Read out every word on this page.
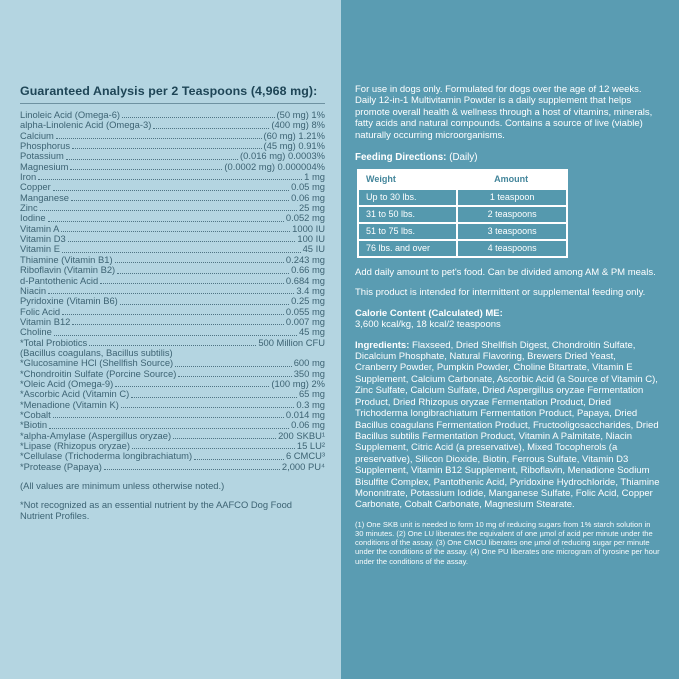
Guaranteed Analysis per 2 Teaspoons (4,968 mg):
Linoleic Acid (Omega-6)	(50 mg) 1%
alpha-Linolenic Acid (Omega-3)	(400 mg) 8%
Calcium	(60 mg) 1.21%
Phosphorus	(45 mg) 0.91%
Potassium	(0.016 mg) 0.0003%
Magnesium	(0.0002 mg) 0.000004%
Iron	1 mg
Copper	0.05 mg
Manganese	0.06 mg
Zinc	25 mg
Iodine	0.052 mg
Vitamin A	1000 IU
Vitamin D3	100 IU
Vitamin E	45 IU
Thiamine (Vitamin B1)	0.243 mg
Riboflavin (Vitamin B2)	0.66 mg
d-Pantothenic Acid	0.684 mg
Niacin	3.4 mg
Pyridoxine (Vitamin B6)	0.25 mg
Folic Acid	0.055 mg
Vitamin B12	0.007 mg
Choline	45 mg
*Total Probiotics	500 Million CFU
(Bacillus coagulans, Bacillus subtilis)
*Glucosamine HCl (Shellfish Source)	600 mg
*Chondroitin Sulfate (Porcine Source)	350 mg
*Oleic Acid (Omega-9)	(100 mg) 2%
*Ascorbic Acid (Vitamin C)	65 mg
*Menadione (Vitamin K)	0.3 mg
*Cobalt	0.014 mg
*Biotin	0.06 mg
*alpha-Amylase (Aspergillus oryzae)	200 SKBU¹
*Lipase (Rhizopus oryzae)	15 LU²
*Cellulase (Trichoderma longibrachiatum)	6 CMCU³
*Protease (Papaya)	2,000 PU⁴

(All values are minimum unless otherwise noted.)

*Not recognized as an essential nutrient by the AAFCO Dog Food Nutrient Profiles.

For use in dogs only. Formulated for dogs over the age of 12 weeks. Daily 12-in-1 Multivitamin Powder is a daily supplement that helps promote overall health & wellness through a host of vitamins, minerals, fatty acids and natural compounds. Contains a source of live (viable) naturally occurring microorganisms.

Feeding Directions: (Daily)

Weight	Amount
Up to 30 lbs.	1 teaspoon
31 to 50 lbs.	2 teaspoons
51 to 75 lbs.	3 teaspoons
76 lbs. and over	4 teaspoons

Add daily amount to pet's food. Can be divided among AM & PM meals.

This product is intended for intermittent or supplemental feeding only.

Calorie Content (Calculated) ME:

3,600 kcal/kg, 18 kcal/2 teaspoons

Ingredients: Flaxseed, Dried Shellfish Digest, Chondroitin Sulfate, Dicalcium Phosphate, Natural Flavoring, Brewers Dried Yeast, Cranberry Powder, Pumpkin Powder, Choline Bitartrate, Vitamin E Supplement, Calcium Carbonate, Ascorbic Acid (a Source of Vitamin C), Zinc Sulfate, Calcium Sulfate, Dried Aspergillus oryzae Fermentation Product, Dried Rhizopus oryzae Fermentation Product, Dried Trichoderma longibrachiatum Fermentation Product, Papaya, Dried Bacillus coagulans Fermentation Product, Fructooligosaccharides, Dried Bacillus subtilis Fermentation Product, Vitamin A Palmitate, Niacin Supplement, Citric Acid (a preservative), Mixed Tocopherols (a preservative), Silicon Dioxide, Biotin, Ferrous Sulfate, Vitamin D3 Supplement, Vitamin B12 Supplement, Riboflavin, Menadione Sodium Bisulfite Complex, Pantothenic Acid, Pyridoxine Hydrochloride, Thiamine Mononitrate, Potassium Iodide, Manganese Sulfate, Folic Acid, Copper Carbonate, Cobalt Carbonate, Magnesium Stearate.

(1) One SKB unit is needed to form 10 mg of reducing sugars from 1% starch solution in 30 minutes. (2) One LU liberates the equivalent of one µmol of acid per minute under the conditions of the assay. (3) One CMCU liberates one µmol of reducing sugar per minute under the conditions of the assay. (4) One PU liberates one microgram of tyrosine per hour under the conditions of the assay.
